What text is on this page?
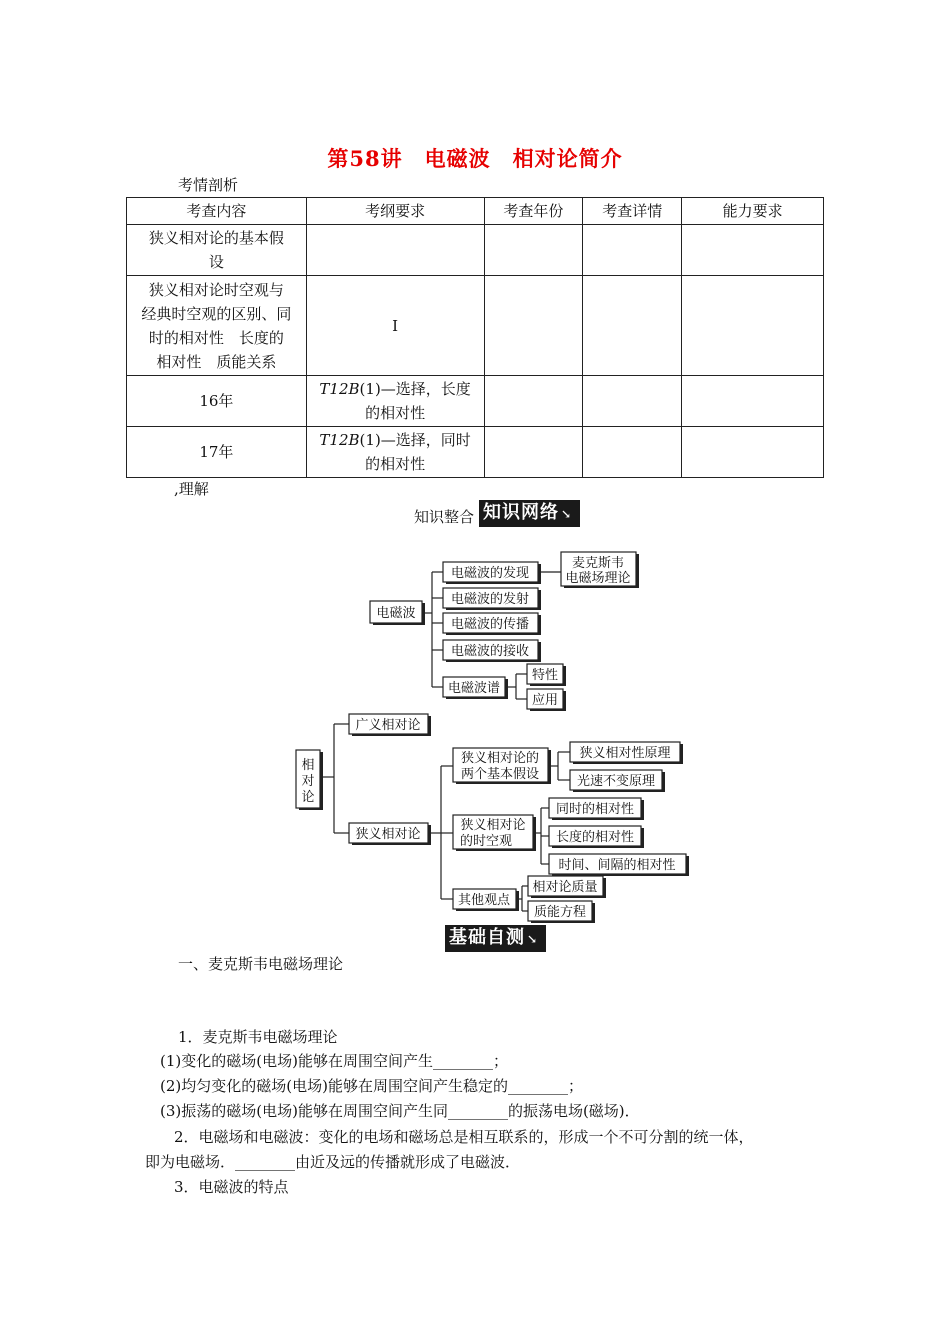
第58讲　电磁波　相对论简介
考情剖析
考查内容	考纲要求	考查年份	考查详情	能力要求
狭义相对论的基本假
设				
狭义相对论时空观与
经典时空观的区别、同
时的相对性　长度的
相对性　质能关系	Ⅰ			
16年	T12B(1)—选择，长度
的相对性			
17年	T12B(1)—选择，同时
的相对性			
,理解
知识整合 知识网络 ↘
电磁波
电磁波的发现
电磁波的发射
电磁波的传播
电磁波的接收
电磁波谱
麦克斯韦
电磁场理论
特性
应用
相
对
论
广义相对论
狭义相对论
狭义相对论的
两个基本假设
狭义相对性原理
光速不变原理
狭义相对论
的时空观
同时的相对性
长度的相对性
时间、间隔的相对性
其他观点
相对论质量
质能方程
基础自测 ↘
一、麦克斯韦电磁场理论
1．麦克斯韦电磁场理论
(1)变化的磁场(电场)能够在周围空间产生________；
(2)均匀变化的磁场(电场)能够在周围空间产生稳定的________；
(3)振荡的磁场(电场)能够在周围空间产生同________的振荡电场(磁场)．
2．电磁场和电磁波：变化的电场和磁场总是相互联系的，形成一个不可分割的统一体，
即为电磁场．________由近及远的传播就形成了电磁波．
3．电磁波的特点
